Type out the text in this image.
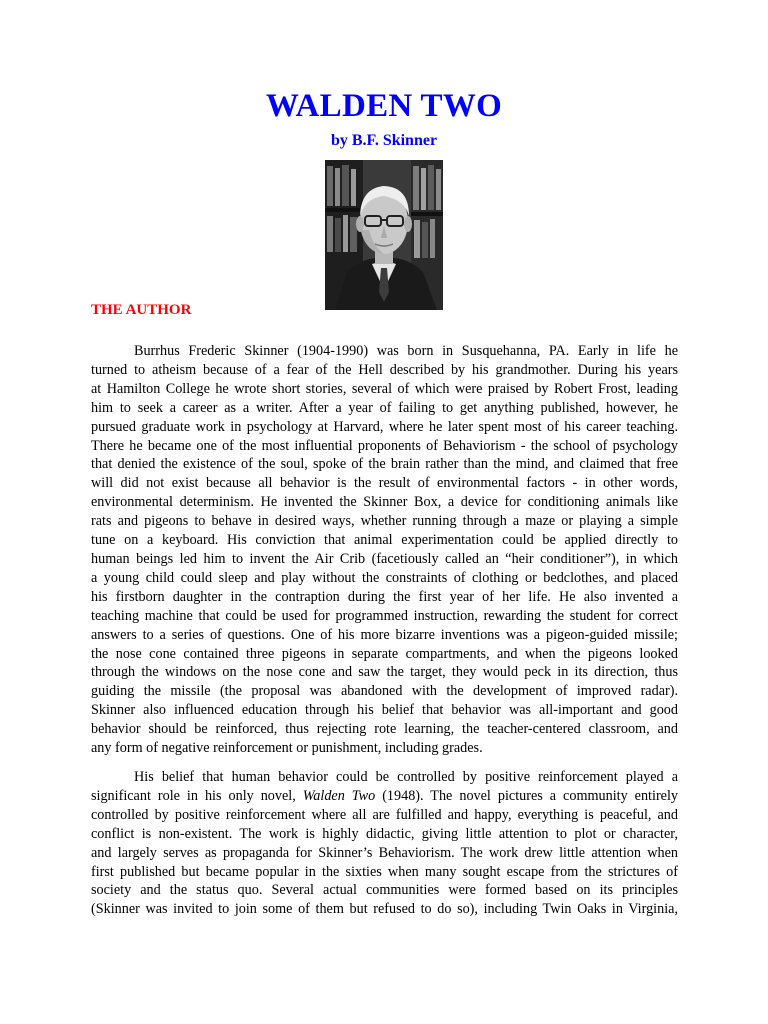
WALDEN TWO
by B.F. Skinner
THE AUTHOR
Burrhus Frederic Skinner (1904-1990) was born in Susquehanna, PA. Early in life he
turned to atheism because of a fear of the Hell described by his grandmother. During his years
at Hamilton College he wrote short stories, several of which were praised by Robert Frost, leading
him to seek a career as a writer. After a year of failing to get anything published, however, he
pursued graduate work in psychology at Harvard, where he later spent most of his career teaching.
There he became one of the most influential proponents of Behaviorism - the school of psychology
that denied the existence of the soul, spoke of the brain rather than the mind, and claimed that free
will did not exist because all behavior is the result of environmental factors - in other words,
environmental determinism. He invented the Skinner Box, a device for conditioning animals like
rats and pigeons to behave in desired ways, whether running through a maze or playing a simple
tune on a keyboard. His conviction that animal experimentation could be applied directly to
human beings led him to invent the Air Crib (facetiously called an “heir conditioner”), in which
a young child could sleep and play without the constraints of clothing or bedclothes, and placed
his firstborn daughter in the contraption during the first year of her life. He also invented a
teaching machine that could be used for programmed instruction, rewarding the student for correct
answers to a series of questions. One of his more bizarre inventions was a pigeon-guided missile;
the nose cone contained three pigeons in separate compartments, and when the pigeons looked
through the windows on the nose cone and saw the target, they would peck in its direction, thus
guiding the missile (the proposal was abandoned with the development of improved radar).
Skinner also influenced education through his belief that behavior was all-important and good
behavior should be reinforced, thus rejecting rote learning, the teacher-centered classroom, and
any form of negative reinforcement or punishment, including grades.
His belief that human behavior could be controlled by positive reinforcement played a
significant role in his only novel, Walden Two (1948). The novel pictures a community entirely
controlled by positive reinforcement where all are fulfilled and happy, everything is peaceful, and
conflict is non-existent. The work is highly didactic, giving little attention to plot or character,
and largely serves as propaganda for Skinner’s Behaviorism. The work drew little attention when
first published but became popular in the sixties when many sought escape from the strictures of
society and the status quo. Several actual communities were formed based on its principles
(Skinner was invited to join some of them but refused to do so), including Twin Oaks in Virginia,
